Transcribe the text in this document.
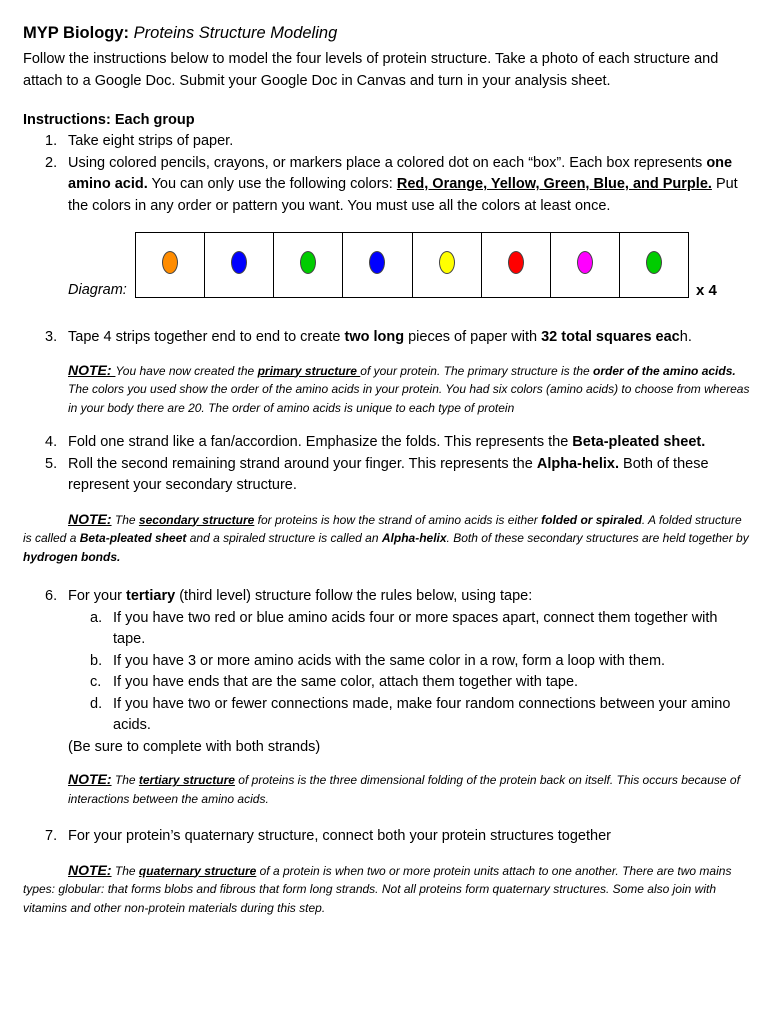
MYP Biology: Proteins Structure Modeling

Follow the instructions below to model the four levels of protein structure. Take a photo of each structure and attach to a Google Doc. Submit your Google Doc in Canvas and turn in your analysis sheet.

Instructions: Each group
1. Take eight strips of paper.
2. Using colored pencils, crayons, or markers place a colored dot on each “box”. Each box represents one amino acid. You can only use the following colors: Red, Orange, Yellow, Green, Blue, and Purple. Put the colors in any order or pattern you want. You must use all the colors at least once.
Diagram:	x 4
3. Tape 4 strips together end to end to create two long pieces of paper with 32 total squares each.
NOTE: You have now created the primary structure of your protein. The primary structure is the order of the amino acids. The colors you used show the order of the amino acids in your protein. You had six colors (amino acids) to choose from whereas in your body there are 20. The order of amino acids is unique to each type of protein
4. Fold one strand like a fan/accordion. Emphasize the folds. This represents the Beta-pleated sheet.
5. Roll the second remaining strand around your finger. This represents the Alpha-helix. Both of these represent your secondary structure.
NOTE: The secondary structure for proteins is how the strand of amino acids is either folded or spiraled. A folded structure is called a Beta-pleated sheet and a spiraled structure is called an Alpha-helix. Both of these secondary structures are held together by hydrogen bonds.
6. For your tertiary (third level) structure follow the rules below, using tape:
a. If you have two red or blue amino acids four or more spaces apart, connect them together with tape.
b. If you have 3 or more amino acids with the same color in a row, form a loop with them.
c. If you have ends that are the same color, attach them together with tape.
d. If you have two or fewer connections made, make four random connections between your amino acids.
(Be sure to complete with both strands)
NOTE: The tertiary structure of proteins is the three dimensional folding of the protein back on itself. This occurs because of interactions between the amino acids.
7. For your protein’s quaternary structure, connect both your protein structures together
NOTE: The quaternary structure of a protein is when two or more protein units attach to one another. There are two mains types: globular: that forms blobs and fibrous that form long strands. Not all proteins form quaternary structures. Some also join with vitamins and other non-protein materials during this step.
